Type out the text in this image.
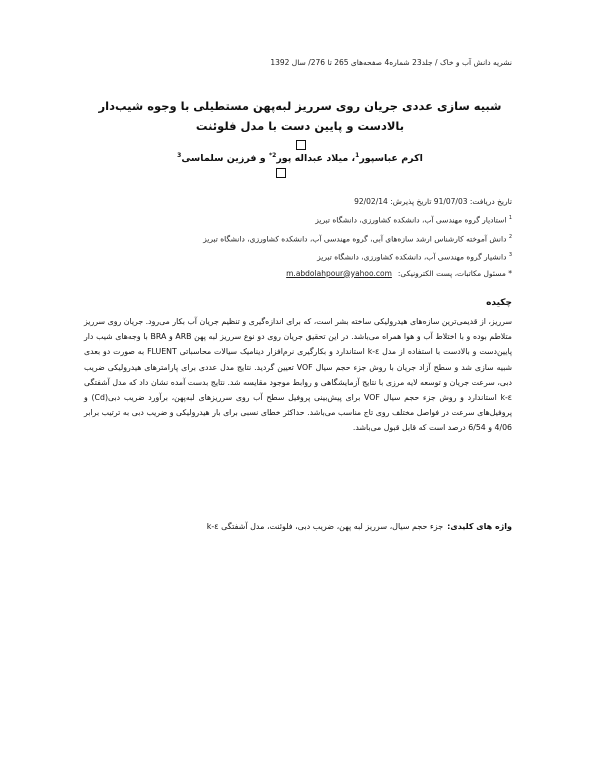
نشریه دانش آب و خاک / جلد23 شماره4 صفحه‌های 265 تا 276/ سال 1392
شبیه سازی عددی جریان روی سرریز لبه‌پهن مستطیلی با وجوه شیب‌دار بالادست و پایین دست با مدل فلوئنت
اکرم عباسپور$^1$، میلاد عبداله پور$^{2*}$ و فرزین سلماسی$^3$
تاریخ دریافت: 91/07/03 تاریخ پذیرش: 92/02/14
$^1$ استادیار گروه مهندسی آب، دانشکده کشاورزی، دانشگاه تبریز
$^2$ دانش آموخته کارشناس ارشد سازه‌های آبی، گروه مهندسی آب، دانشکده کشاورزی، دانشگاه تبریز
$^3$ دانشیار گروه مهندسی آب، دانشکده کشاورزی، دانشگاه تبریز
* مسئول مکاتبات، پست الکترونیکی:m.abdolahpour@yahoo.com
چکیده
سرریز، از قدیمی‌ترین سازه‌های هیدرولیکی ساخته بشر است، که برای اندازه‌گیری و تنظیم جریان آب بکار می‌رود. جریان روی سرریز متلاطم بوده و با اختلاط آب و هوا همراه می‌باشد. در این تحقیق جریان روی دو نوع سرریز لبه پهن ARB و BRA با وجه‌های شیب دار پایین‌دست و بالادست با استفاده از مدل k-ε استاندارد و بکارگیری نرم‌افزار دینامیک سیالات محاسباتی FLUENT به صورت دو بعدی شبیه سازی شد و سطح آزاد جریان با روش جزء حجم سیال VOF تعیین گردید. نتایج مدل عددی برای پارامترهای هیدرولیکی ضریب دبی، سرعت جریان و توسعه لایه مرزی با نتایج آزمایشگاهی و روابط موجود مقایسه شد. نتایج بدست آمده نشان داد که مدل آشفتگی k-ε استاندارد و روش جزء حجم سیال VOF برای پیش‌بینی پروفیل سطح آب روی سرریزهای لبه‌پهن، برآورد ضریب دبی(Cd) و پروفیل‌های سرعت در فواصل مختلف روی تاج مناسب می‌باشد. حداکثر خطای نسبی برای بار هیدرولیکی و ضریب دبی به ترتیب برابر 4/06 و 6/54 درصد است که قابل قبول می‌باشد.
واژه های کلیدی:جزء حجم سیال، سرریز لبه پهن، ضریب دبی، فلوئنت، مدل آشفتگی k-ε
